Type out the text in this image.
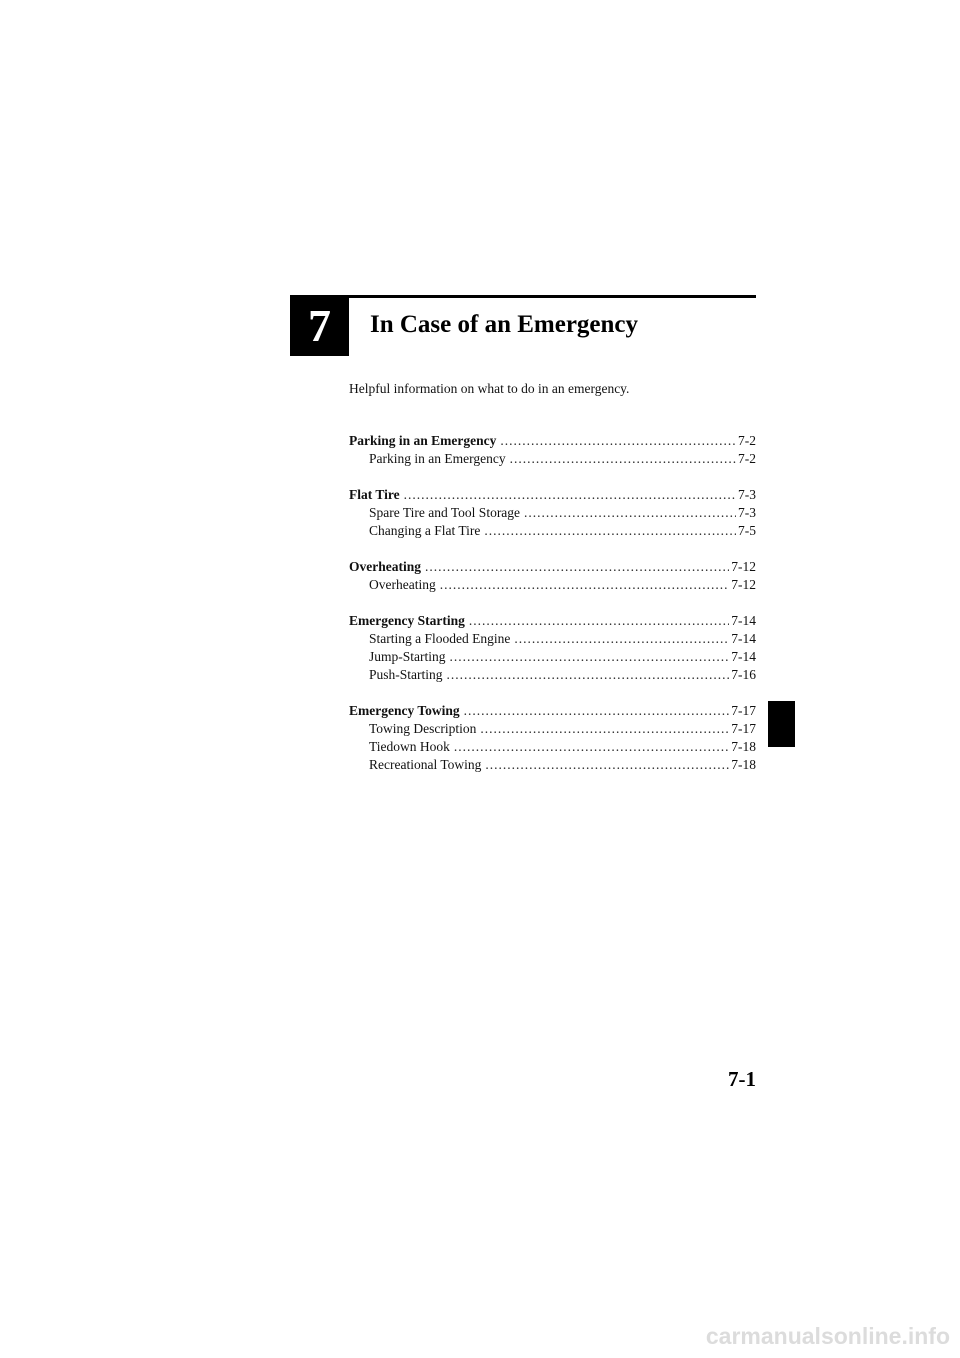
7	In Case of an Emergency
Helpful information on what to do in an emergency.
Parking in an Emergency .....	7-2
Parking in an Emergency .....	7-2
Flat Tire .....	7-3
Spare Tire and Tool Storage .....	7-3
Changing a Flat Tire .....	7-5
Overheating .....	7-12
Overheating .....	7-12
Emergency Starting .....	7-14
Starting a Flooded Engine .....	7-14
Jump-Starting .....	7-14
Push-Starting .....	7-16
Emergency Towing .....	7-17
Towing Description .....	7-17
Tiedown Hook .....	7-18
Recreational Towing .....	7-18
7-1
carmanualsonline.info
